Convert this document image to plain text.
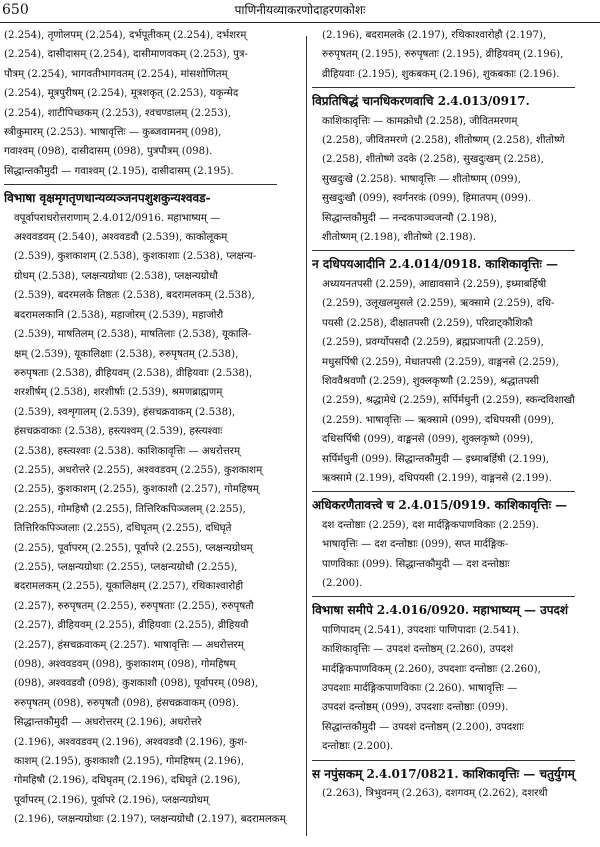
650	पाणिनीयव्याकरणोदाहरणकोशः
(2.254), तृणोलपम् (2.254), दर्भपूतीकम् (2.254), दर्भशरम्
(2.254), दासीदासम् (2.254), दासीमाणवकम् (2.253), पुत्र-
पौत्रम् (2.254), भागवतीभागवतम् (2.254), मांसशोणितम्
(2.254), मूत्रपुरीषम् (2.254), मूत्रशकृत् (2.253), यकृन्मेद
(2.254), शाटीपिच्छकम् (2.253), श्वचण्डालम् (2.253),
स्त्रीकुमारम् (2.253). भाषावृत्तिः — कुब्जवामनम् (098),
गवाश्वम् (098), दासीदासम् (098), पुत्रपौत्रम् (098).
सिद्धान्तकौमुदी — गवाश्वम् (2.195), दासीदासम् (2.195).
विभाषा वृक्षमृगतृणधान्यव्यञ्जनपशुशकुन्यश्ववड-
वपूर्वापराधरोत्तराणाम् 2.4.012/0916. महाभाष्यम् —
अश्ववडवम् (2.540), अश्ववडवौ (2.539), काकोलूकम्
(2.539), कुशकाशम् (2.538), कुशकाशाः (2.538), प्लक्षन्य-
ग्रोधम् (2.538), प्लक्षन्यग्रोधाः (2.538), प्लक्षन्यग्रोधौ
(2.539), बदरमलके तिष्ठतः (2.538), बदरामलकम् (2.538),
बदरामलकानि (2.538), महाजोरम् (2.539), महाजोरौ
(2.539), माषतिलम् (2.538), माषतिलाः (2.538), यूकालि-
क्षम् (2.539), यूकालिक्षाः (2.538), रुरुपृषतम् (2.538),
रुरुपृषताः (2.538), व्रीहियवम् (2.538), व्रीहियवाः (2.538),
शरशीर्षम् (2.538), शरशीर्षाः (2.539), श्रमणब्राह्मणम्
(2.539), श्वशृगालम् (2.539), हंसचक्रवाकम् (2.538),
हंसचक्रवाकाः (2.538), हस्त्यश्वम् (2.539), हस्त्यश्वाः
(2.538), हस्त्यश्वाः (2.538). काशिकावृत्तिः — अधरोत्तरम्
(2.255), अधरोत्तरे (2.255), अश्ववडवम् (2.255), कुशकाशम्
(2.255), कुशकाशम् (2.255), कुशकाशौ (2.257), गोमहिषम्
(2.255), गोमहिषौ (2.255), तित्तिरिकपिञ्जलम् (2.255),
तित्तिरिकपिञ्जलाः (2.255), दधिघृतम् (2.255), दधिघृते
(2.255), पूर्वापरम् (2.255), पूर्वापरे (2.255), प्लक्षन्यग्रोधम्
(2.255), प्लक्षन्यग्रोधाः (2.255), प्लक्षन्यग्रोधौ (2.255),
बदरामलकम् (2.255), यूकालिक्षम् (2.257), रथिकाश्वारोही
(2.257), रुरुपृषतम् (2.255), रुरुपृषताः (2.255), रुरुपृषतौ
(2.257), व्रीहियवम् (2.255), व्रीहियवाः (2.255), व्रीहियवौ
(2.257), हंसचक्रवाकम् (2.257). भाषावृत्तिः — अधरोत्तरम्
(098), अश्ववडवम् (098), कुशकाशम् (098), गोमहिषम्
(098), अश्ववडवौ (098), कुशकाशौ (098), पूर्वापरम् (098),
रुरुपृषतम् (098), रुरुपृषतौ (098), हंसचक्रवाकम् (098).
सिद्धान्तकौमुदी — अधरोत्तरम् (2.196), अधरोत्तरे
(2.196), अश्ववडवम् (2.196), अश्ववडवौ (2.196), कुश-
काशम् (2.195), कुशकाशौ (2.195), गोमहिषम् (2.196),
गोमहिषौ (2.196), दधिघृतम् (2.196), दधिघृते (2.196),
पूर्वापरम् (2.196), पूर्वापरे (2.196), प्लक्षन्यग्रोधम्
(2.196), प्लक्षन्यग्रोधाः (2.197), प्लक्षन्यग्रोधौ (2.197), बदरामलकम्
(2.196), बदरामलके (2.197), रथिकाश्वारोहौ (2.197),
रुरुपृषतम् (2.195), रुरुपृषताः (2.195), व्रीहियवम् (2.196),
व्रीहियवाः (2.195), शुकबकम् (2.196), शुकबकाः (2.196).
विप्रतिषिद्धं चानधिकरणवाचि 2.4.013/0917.
काशिकावृत्तिः — कामक्रोधौ (2.258), जीवितमरणम्
(2.258), जीवितमरणे (2.258), शीतोष्णम् (2.258), शीतोष्णे
(2.258), शीतोष्णे उदके (2.258), सुखदुःखम् (2.258),
सुखदुःखे (2.258). भाषावृत्तिः — शीतोष्णम् (099),
सुखदुःखौ (099), स्वर्गनरकं (099), हिमातपम् (099).
सिद्धान्तकौमुदी — नन्दकपाञ्चजन्यौ (2.198),
शीतोष्णम् (2.198), शीतोष्णे (2.198).
न दधिपयआदीनि 2.4.014/0918. काशिकावृत्तिः —
अध्ययनतपसी (2.259), आद्यावसाने (2.259), इध्माबर्हिषी
(2.259), उलूखलमुसले (2.259), ऋक्सामे (2.259), दधि-
पयसी (2.258), दीक्षातपसी (2.259), परिव्राट्कौशिकौ
(2.259), प्रवर्ग्योपसदौ (2.259), ब्रह्मप्रजापती (2.259),
मधुसर्पिषी (2.259), मेधातपसी (2.259), वाङ्मनसे (2.259),
शिववैश्रवणौ (2.259), शुक्लकृष्णौ (2.259), श्रद्धातपसी
(2.259), श्रद्धामेधे (2.259), सर्पिर्मधुनी (2.259), स्कन्दविशाखौ
(2.259). भाषावृत्तिः — ऋक्सामे (099), दधिपयसी (099),
दधिसर्पिषी (099), वाङ्मनसे (099), शुक्लकृष्णे (099),
सर्पिर्मधुनी (099). सिद्धान्तकौमुदी — इध्माबर्हिषी (2.199),
ऋक्सामे (2.199), दधिपयसी (2.199), वाङ्मनसे (2.199).
अधिकरणैतावत्त्वे च 2.4.015/0919. काशिकावृत्तिः —
दश दन्तोष्ठाः (2.259), दश मार्दङ्गिकपाणविकाः (2.259).
भाषावृत्तिः — दश दन्तोष्ठाः (099), सप्त मार्दङ्गिक-
पाणविकाः (099). सिद्धान्तकौमुदी — दश दन्तोष्ठाः
(2.200).
विभाषा समीपे 2.4.016/0920. महाभाष्यम् — उपदशं
पाणिपादम् (2.541), उपदशाः पाणिपादाः (2.541).
काशिकावृत्तिः — उपदशं दन्तोष्ठम् (2.260), उपदशं
मार्दङ्गिकपाणविकम् (2.260), उपदशाः दन्तोष्ठाः (2.260),
उपदशाः मार्दङ्गिकपाणविकाः (2.260). भाषावृत्तिः —
उपदशं दन्तोष्ठम् (099), उपदशाः दन्तोष्ठाः (099).
सिद्धान्तकौमुदी — उपदशं दन्तोष्ठम् (2.200), उपदशाः
दन्तोष्ठाः (2.200).
स नपुंसकम् 2.4.017/0821. काशिकावृत्तिः — चतुर्युगम्
(2.263), त्रिभुवनम् (2.263), दशगवम् (2.262), दशरथी
